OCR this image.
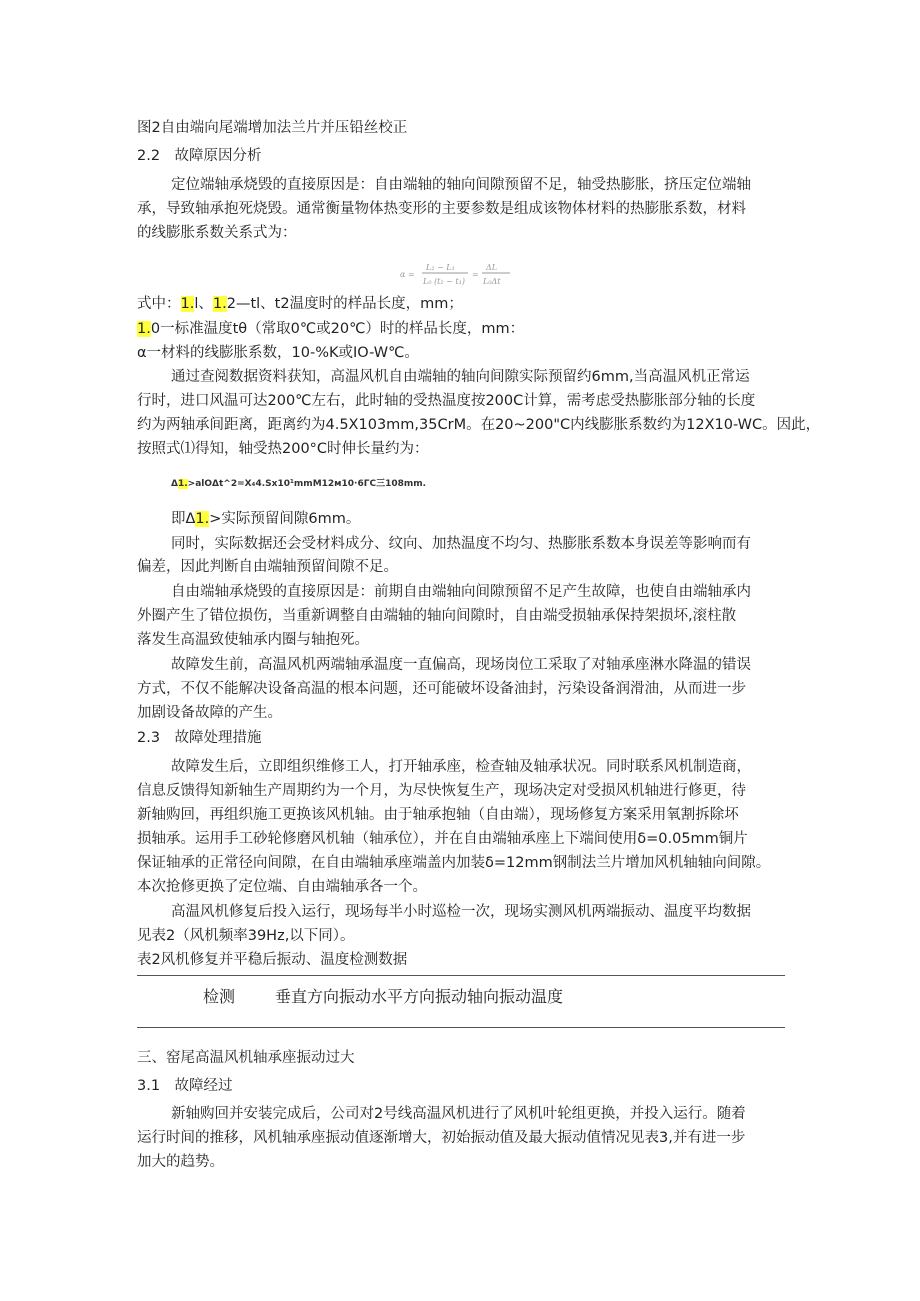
图2自由端向尾端增加法兰片并压铅丝校正
2.2　故障原因分析
定位端轴承烧毁的直接原因是：自由端轴的轴向间隙预留不足，轴受热膨胀，挤压定位端轴
承，导致轴承抱死烧毁。通常衡量物体热变形的主要参数是组成该物体材料的热膨胀系数，材料
的线膨胀系数关系式为：
α =
L₂ − L₁
L₀ (t₂ − t₁)
=
ΔL
L₀Δt
式中：1.l、1.2—tl、t2温度时的样品长度，mm；
1.0一标准温度tθ（常取0℃或20℃）时的样品长度，mm：
α一材料的线膨胀系数，10-%K或IO-W℃。
通过查阅数据资料获知，高温风机自由端轴的轴向间隙实际预留约6mm,当高温风机正常运
行时，进口风温可达200℃左右，此时轴的受热温度按200C计算，需考虑受热膨胀部分轴的长度
约为两轴承间距离，距离约为4.5X103mm,35CrM。在20~200"C内线膨胀系数约为12X10-WC。因此，
按照式⑴得知，轴受热200°C时伸长量约为：
Δ1.>alOΔt^2=X₄4.Sx10¹mmM12м10·6ГC三108mm.
即Δ1.>实际预留间隙6mm。
同时，实际数据还会受材料成分、纹向、加热温度不均匀、热膨胀系数本身误差等影响而有
偏差，因此判断自由端轴预留间隙不足。
自由端轴承烧毁的直接原因是：前期自由端轴向间隙预留不足产生故障，也使自由端轴承内
外圈产生了错位损伤，当重新调整自由端轴的轴向间隙时，自由端受损轴承保持架损坏,滚柱散
落发生高温致使轴承内圈与轴抱死。
故障发生前，高温风机两端轴承温度一直偏高，现场岗位工采取了对轴承座淋水降温的错误
方式，不仅不能解决设备高温的根本问题，还可能破坏设备油封，污染设备润滑油，从而进一步
加剧设备故障的产生。
2.3　故障处理措施
故障发生后，立即组织维修工人，打开轴承座，检查轴及轴承状况。同时联系风机制造商，
信息反馈得知新轴生产周期约为一个月，为尽快恢复生产，现场决定对受损风机轴进行修更，待
新轴购回，再组织施工更换该风机轴。由于轴承抱轴（自由端），现场修复方案采用氧割拆除坏
损轴承。运用手工砂轮修磨风机轴（轴承位），并在自由端轴承座上下端间使用δ=0.05mm铜片
保证轴承的正常径向间隙，在自由端轴承座端盖内加装δ=12mm钢制法兰片增加风机轴轴向间隙。
本次抢修更换了定位端、自由端轴承各一个。
高温风机修复后投入运行，现场每半小时巡检一次，现场实测风机两端振动、温度平均数据
见表2（风机频率39Hz,以下同）。
表2风机修复并平稳后振动、温度检测数据
检测 垂直方向振动水平方向振动轴向振动温度
三、窑尾高温风机轴承座振动过大
3.1　故障经过
新轴购回并安装完成后，公司对2号线高温风机进行了风机叶轮组更换，并投入运行。随着
运行时间的推移，风机轴承座振动值逐渐增大，初始振动值及最大振动值情况见表3,并有进一步
加大的趋势。
